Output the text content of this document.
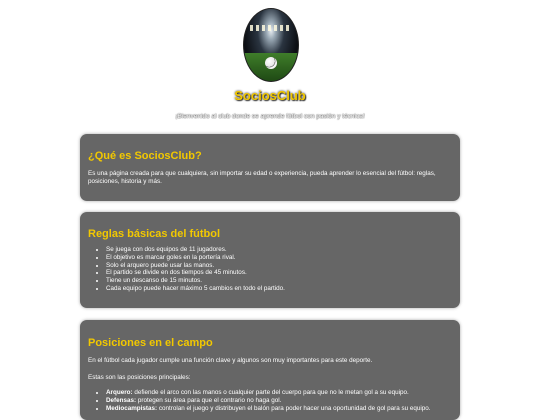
SociosClub
¡Bienvenido al club donde se aprende fútbol con pasión y técnica!
¿Qué es SociosClub?

Es una página creada para que cualquiera, sin importar su edad o experiencia, pueda aprender lo esencial del fútbol: reglas, posiciones, historia y más.

Reglas básicas del fútbol
• Se juega con dos equipos de 11 jugadores.
• El objetivo es marcar goles en la portería rival.
• Solo el arquero puede usar las manos.
• El partido se divide en dos tiempos de 45 minutos.
• Tiene un descanso de 15 minutos.
• Cada equipo puede hacer máximo 5 cambios en todo el partido.
Posiciones en el campo

En el fútbol cada jugador cumple una función clave y algunos son muy importantes para este deporte.

Estas son las posiciones principales:

• Arquero: defiende el arco con las manos o cualquier parte del cuerpo para que no le metan gol a su equipo.
• Defensas: protegen su área para que el contrario no haga gol.
• Mediocampistas: controlan el juego y distribuyen el balón para poder hacer una oportunidad de gol para su equipo.
